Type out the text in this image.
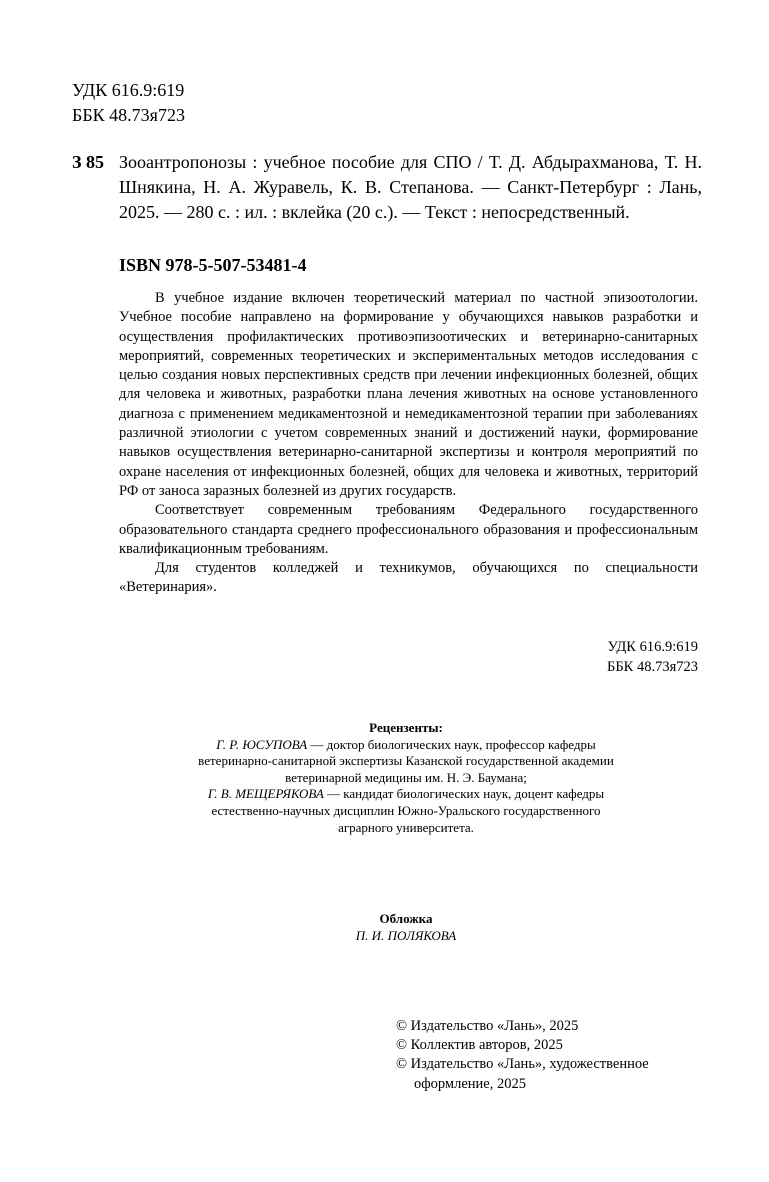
УДК 616.9:619
ББК 48.73я723
З 85 Зооантропонозы : учебное пособие для СПО / Т. Д. Абдырахманова, Т. Н. Шнякина, Н. А. Журавель, К. В. Степанова. — Санкт-Петербург : Лань, 2025. — 280 с. : ил. : вклейка (20 с.). — Текст : непосредственный.
ISBN 978-5-507-53481-4

В учебное издание включен теоретический материал по частной эпизоотологии. Учебное пособие направлено на формирование у обучающихся навыков разработки и осуществления профилактических противоэпизоотических и ветеринарно-санитарных мероприятий, современных теоретических и экспериментальных методов исследования с целью создания новых перспективных средств при лечении инфекционных болезней, общих для человека и животных, разработки плана лечения животных на основе установленного диагноза с применением медикаментозной и немедикаментозной терапии при заболеваниях различной этиологии с учетом современных знаний и достижений науки, формирование навыков осуществления ветеринарно-санитарной экспертизы и контроля мероприятий по охране населения от инфекционных болезней, общих для человека и животных, территорий РФ от заноса заразных болезней из других государств.

Соответствует современным требованиям Федерального государственного образовательного стандарта среднего профессионального образования и профессиональным квалификационным требованиям.

Для студентов колледжей и техникумов, обучающихся по специальности «Ветеринария».

УДК 616.9:619
ББК 48.73я723
Рецензенты:
Г. Р. ЮСУПОВА — доктор биологических наук, профессор кафедры
ветеринарно-санитарной экспертизы Казанской государственной академии
ветеринарной медицины им. Н. Э. Баумана;
Г. В. МЕЩЕРЯКОВА — кандидат биологических наук, доцент кафедры
естественно-научных дисциплин Южно-Уральского государственного
аграрного университета.
Обложка
П. И. ПОЛЯКОВА
© Издательство «Лань», 2025
© Коллектив авторов, 2025
© Издательство «Лань», художественное
оформление, 2025
